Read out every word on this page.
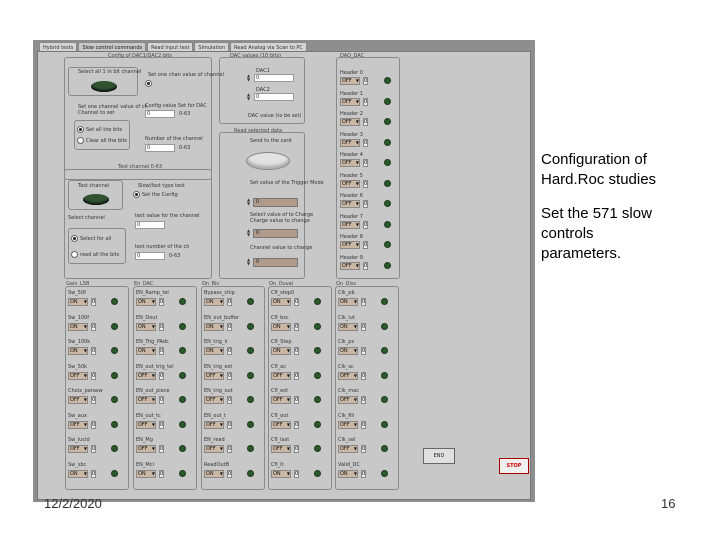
Hybrid tests	Slow control commands	Read Input test	Simulation	Read Analog via Scan to PC
Config of DAC1/DAC2 bits
Select all 1 in bit channel Set one chan value of channel
Set one channel value of ch
Channel to set
Config value Set for DAC
0	0-63
Set all the bits
Clear all the bits	Number of the channel
0	0-63
Test channel 0-63
Test channel	Slow/fast type test
Set the Config
test value for the channel
0
Select channel
Select for all
read all the bits
test number of the ch
0	0-63
DAC values (10 bits)
DAC1
▲
▼	0
DAC2
▲
▼	0
DAC value (to be set)
Read selected data
Send to the card
Set value of the Trigger Mode
▲
▼	0
Select value of to Charge
Charge value to change
▲
▼	0
Channel value to change
▲
▼	0
DAQ_DAC
END
STOP
Header 0
OFF ▼	0
Header 1
OFF ▼	0
Header 2
OFF ▼	0
Header 3
OFF ▼	0
Header 4
OFF ▼	0
Header 5
OFF ▼	0
Header 6
OFF ▼	0
Header 7
OFF ▼	0
Header 8
OFF ▼	0
Header 9
OFF ▼	0
Gain_LSB
Sw_50f
ON ▼	0
Sw_100f
ON ▼	0
Sw_100k
ON ▼	0
Sw_50k
OFF ▼	0
Choix_parasw
OFF ▼	0
Sw_aux
OFF ▼	0
Sw_lucid
OFF ▼	0
Sw_sbc
ON ▼	0
En_DAC
EN_Ramp_tel
ON ▼	0
EN_Dout
ON ▼	0
EN_Trig_PAdc
ON ▼	0
EN_out_trig_tel
OFF ▼	0
EN_out_piece
OFF ▼	0
EN_out_tc
OFF ▼	0
EN_Mg
OFF ▼	0
EN_Mcl
ON ▼	0
On_Bis
Bypass_chip
ON ▼	0
EN_out_buffer
ON ▼	0
EN_trig_lr
ON ▼	0
EN_trig_ext
OFF ▼	0
EN_trig_out
OFF ▼	0
EN_out_t
OFF ▼	0
EN_read
OFF ▼	0
ReadOutB
ON ▼	0
On_Ouval
Cfl_step0
ON ▼	0
Cfl_bsc
ON ▼	0
Cfl_Step
ON ▼	0
Cfl_ac
OFF ▼	0
Cfl_ext
OFF ▼	0
Cfl_out
OFF ▼	0
Cfl_last
OFF ▼	0
Cfl_lt
ON ▼	0
On_Disc
Clk_pb
ON ▼	0
Clk_lut
ON ▼	0
Clk_ps
ON ▼	0
Clk_sc
OFF ▼	0
Clk_mac
OFF ▼	0
Clk_fill
OFF ▼	0
Clk_sel
OFF ▼	0
Valid_DC
ON ▼	0
Configuration of
Hard.Roc studies
Set the 571 slow
controls
parameters.
12/2/2020	16
